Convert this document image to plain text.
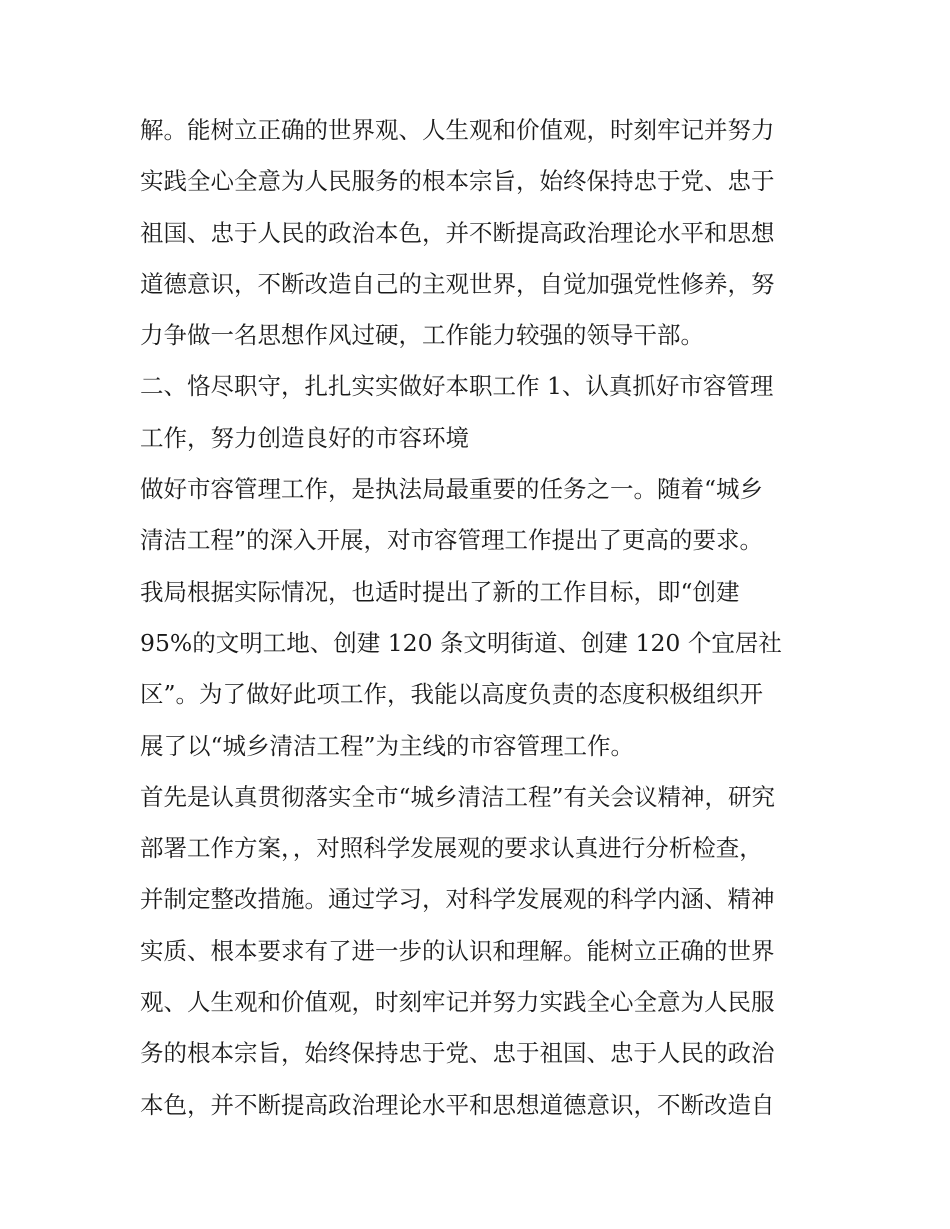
解。能树立正确的世界观、人生观和价值观，时刻牢记并努力
实践全心全意为人民服务的根本宗旨，始终保持忠于党、忠于
祖国、忠于人民的政治本色，并不断提高政治理论水平和思想
道德意识，不断改造自己的主观世界，自觉加强党性修养，努
力争做一名思想作风过硬，工作能力较强的领导干部。
二、恪尽职守，扎扎实实做好本职工作 1、认真抓好市容管理
工作，努力创造良好的市容环境
做好市容管理工作，是执法局最重要的任务之一。随着“城乡
清洁工程”的深入开展，对市容管理工作提出了更高的要求。
我局根据实际情况，也适时提出了新的工作目标，即“创建
95%的文明工地、创建 120 条文明街道、创建 120 个宜居社
区”。为了做好此项工作，我能以高度负责的态度积极组织开
展了以“城乡清洁工程”为主线的市容管理工作。
首先是认真贯彻落实全市“城乡清洁工程”有关会议精神，研究
部署工作方案，，对照科学发展观的要求认真进行分析检查，
并制定整改措施。通过学习，对科学发展观的科学内涵、精神
实质、根本要求有了进一步的认识和理解。能树立正确的世界
观、人生观和价值观，时刻牢记并努力实践全心全意为人民服
务的根本宗旨，始终保持忠于党、忠于祖国、忠于人民的政治
本色，并不断提高政治理论水平和思想道德意识，不断改造自
